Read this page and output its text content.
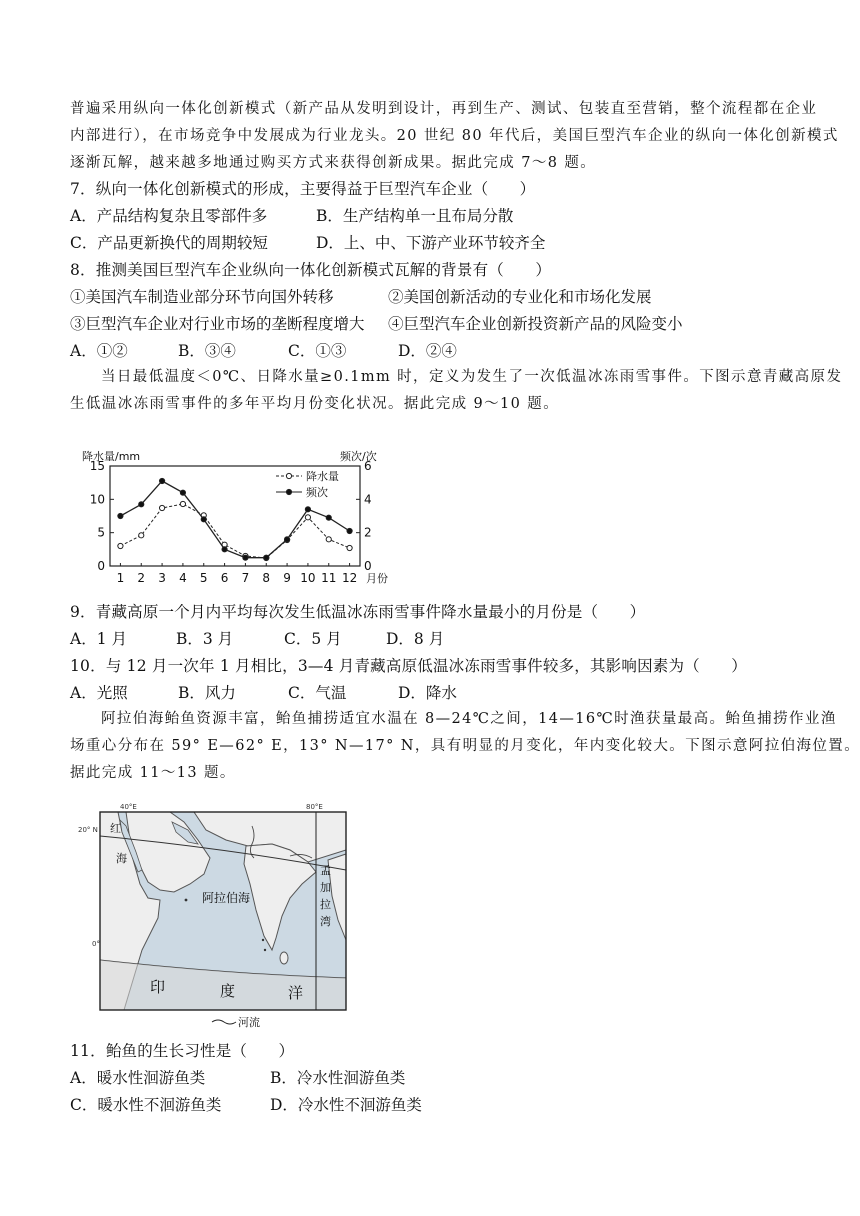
普遍采用纵向一体化创新模式（新产品从发明到设计，再到生产、测试、包装直至营销，整个流程都在企业
内部进行），在市场竞争中发展成为行业龙头。20 世纪 80 年代后，美国巨型汽车企业的纵向一体化创新模式
逐渐瓦解，越来越多地通过购买方式来获得创新成果。据此完成 7～8 题。
7．纵向一体化创新模式的形成，主要得益于巨型汽车企业（　　）
A．产品结构复杂且零部件多	B．生产结构单一且布局分散
C．产品更新换代的周期较短	D．上、中、下游产业环节较齐全
8．推测美国巨型汽车企业纵向一体化创新模式瓦解的背景有（　　）
①美国汽车制造业部分环节向国外转移	②美国创新活动的专业化和市场化发展
③巨型汽车企业对行业市场的垄断程度增大 ④巨型汽车企业创新投资新产品的风险变小
A．①②	B．③④	C．①③	D．②④
当日最低温度＜0℃、日降水量≥0.1mm 时，定义为发生了一次低温冰冻雨雪事件。下图示意青藏高原发
生低温冰冻雨雪事件的多年平均月份变化状况。据此完成 9～10 题。
降水量/mm	频次/次
0
5
10
15
0
2
4
6
1 2 3 4 5 6 7 8 9 10 11 12 月份
降水量
频次
9．青藏高原一个月内平均每次发生低温冰冻雨雪事件降水量最小的月份是（　　）
A．1 月	B．3 月	C．5 月	D．8 月
10．与 12 月一次年 1 月相比，3—4 月青藏高原低温冰冻雨雪事件较多，其影响因素为（　　）
A．光照	B．风力	C．气温	D．降水
阿拉伯海鲐鱼资源丰富，鲐鱼捕捞适宜水温在 8—24℃之间，14—16℃时渔获量最高。鲐鱼捕捞作业渔
场重心分布在 59° E—62° E，13° N—17° N，具有明显的月变化，年内变化较大。下图示意阿拉伯海位置。
据此完成 11～13 题。
40°E	80°E
20° N
0°
红
海
阿拉伯海
孟
加
拉
湾
印	度	洋
河流
11．鲐鱼的生长习性是（　　）
A．暖水性洄游鱼类	B．冷水性洄游鱼类
C．暖水性不洄游鱼类	D．冷水性不洄游鱼类
